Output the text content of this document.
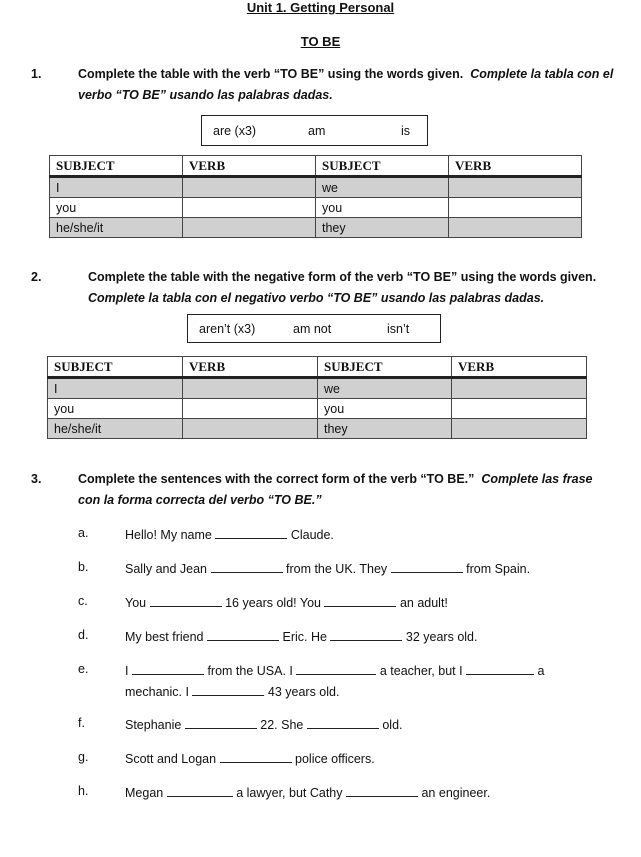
Unit 1. Getting Personal
TO BE
1.	Complete the table with the verb “TO BE” using the words given. Complete la tabla con el verbo “TO BE” usando las palabras dadas.
are (x3)	am	is
SUBJECT	VERB	SUBJECT	VERB
I		we	
you		you	
he/she/it		they	
2.	Complete the table with the negative form of the verb “TO BE” using the words given.  Complete la tabla con el negativo verbo “TO BE” usando las palabras dadas.
aren’t (x3)	am not	isn’t
SUBJECT	VERB	SUBJECT	VERB
I		we	
you		you	
he/she/it		they	
3.	Complete the sentences with the correct form of the verb “TO BE.” Complete las frase con la forma correcta del verbo “TO BE.”
a.	Hello! My name	Claude.
b.	Sally and Jean	from the UK. They	from Spain.
c.	You	16 years old! You	an adult!
d.	My best friend	Eric. He	32 years old.
e.	I	from the USA. I	a teacher, but I	a
mechanic. I	43 years old.
f.	Stephanie	22. She	old.
g.	Scott and Logan	police officers.
h.	Megan	a lawyer, but Cathy	an engineer.
